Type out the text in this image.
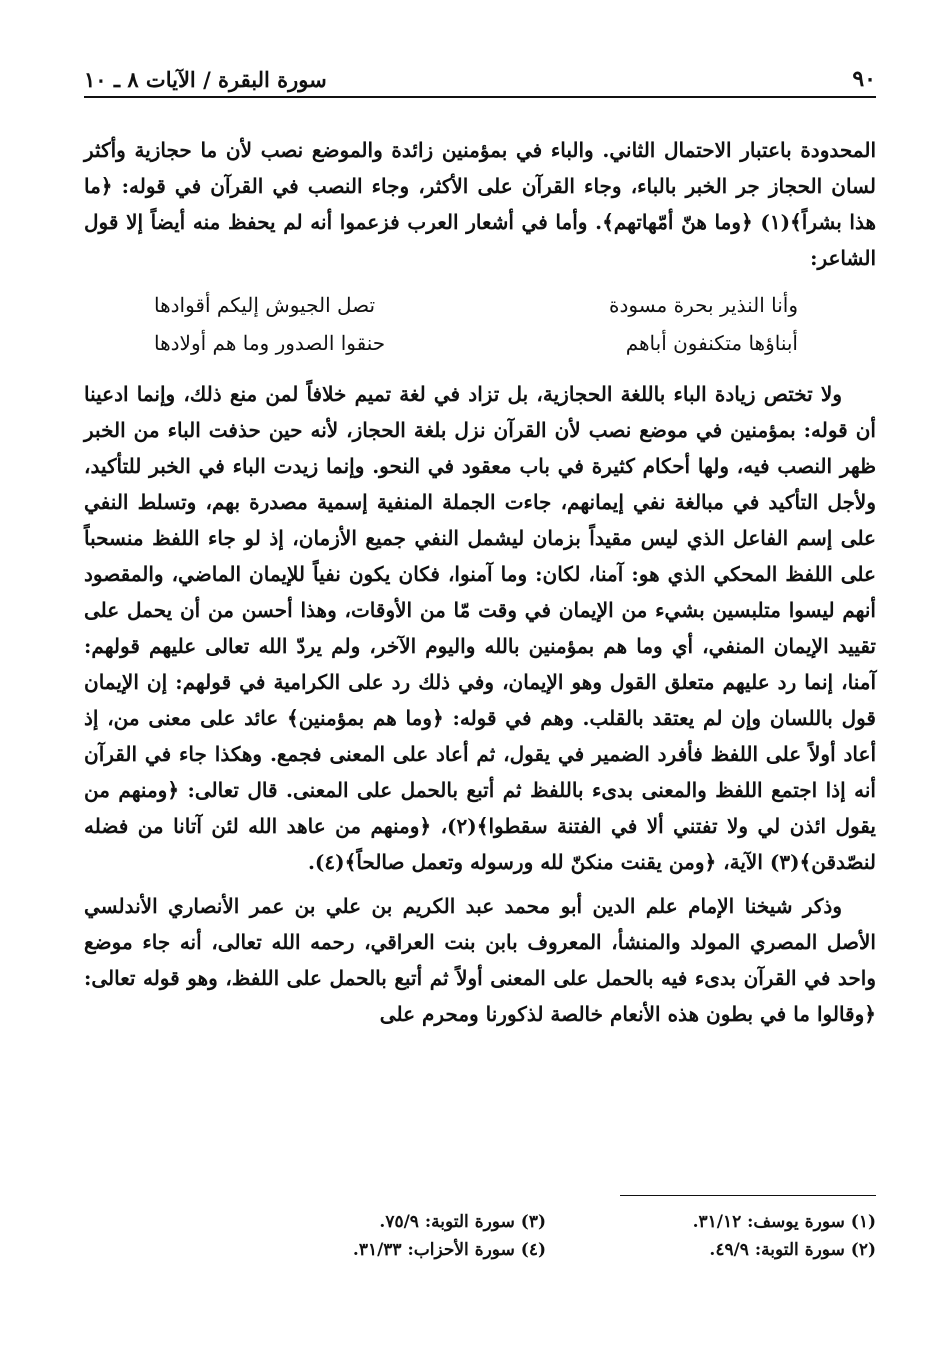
٩٠
سورة البقرة / الآيات ٨ ـ ١٠

المحدودة باعتبار الاحتمال الثاني. والباء في بمؤمنين زائدة والموضع نصب لأن ما حجازية وأكثر لسان الحجاز جر الخبر بالباء، وجاء القرآن على الأكثر، وجاء النصب في القرآن في قوله: ﴿ما هذا بشراً﴾(١) ﴿وما هنّ أمّهاتهم﴾. وأما في أشعار العرب فزعموا أنه لم يحفظ منه أيضاً إلا قول الشاعر:

وأنا النذير بحرة مسودة
تصل الجيوش إليكم أقوادها
أبناؤها متكنفون أباهم
حنقوا الصدور وما هم أولادها

ولا تختص زيادة الباء باللغة الحجازية، بل تزاد في لغة تميم خلافاً لمن منع ذلك، وإنما ادعينا أن قوله: بمؤمنين في موضع نصب لأن القرآن نزل بلغة الحجاز، لأنه حين حذفت الباء من الخبر ظهر النصب فيه، ولها أحكام كثيرة في باب معقود في النحو. وإنما زيدت الباء في الخبر للتأكيد، ولأجل التأكيد في مبالغة نفي إيمانهم، جاءت الجملة المنفية إسمية مصدرة بهم، وتسلط النفي على إسم الفاعل الذي ليس مقيداً بزمان ليشمل النفي جميع الأزمان، إذ لو جاء اللفظ منسحباً على اللفظ المحكي الذي هو: آمنا، لكان: وما آمنوا، فكان يكون نفياً للإيمان الماضي، والمقصود أنهم ليسوا متلبسين بشيء من الإيمان في وقت مّا من الأوقات، وهذا أحسن من أن يحمل على تقييد الإيمان المنفي، أي وما هم بمؤمنين بالله واليوم الآخر، ولم يردّ الله تعالى عليهم قولهم: آمنا، إنما رد عليهم متعلق القول وهو الإيمان، وفي ذلك رد على الكرامية في قولهم: إن الإيمان قول باللسان وإن لم يعتقد بالقلب. وهم في قوله: ﴿وما هم بمؤمنين﴾ عائد على معنى من، إذ أعاد أولاً على اللفظ فأفرد الضمير في يقول، ثم أعاد على المعنى فجمع. وهكذا جاء في القرآن أنه إذا اجتمع اللفظ والمعنى بدىء باللفظ ثم أتبع بالحمل على المعنى. قال تعالى: ﴿ومنهم من يقول ائذن لي ولا تفتني ألا في الفتنة سقطوا﴾(٢)، ﴿ومنهم من عاهد الله لئن آتانا من فضله لنصّدقن﴾(٣) الآية، ﴿ومن يقنت منكنّ لله ورسوله وتعمل صالحاً﴾(٤).

وذكر شيخنا الإمام علم الدين أبو محمد عبد الكريم بن علي بن عمر الأنصاري الأندلسي الأصل المصري المولد والمنشأ، المعروف بابن بنت العراقي، رحمه الله تعالى، أنه جاء موضع واحد في القرآن بدىء فيه بالحمل على المعنى أولاً ثم أتبع بالحمل على اللفظ، وهو قوله تعالى: ﴿وقالوا ما في بطون هذه الأنعام خالصة لذكورنا ومحرم على

(١) سورة يوسف: ٣١/١٢.
(٣) سورة التوبة: ٧٥/٩.
(٢) سورة التوبة: ٤٩/٩.
(٤) سورة الأحزاب: ٣١/٣٣.
